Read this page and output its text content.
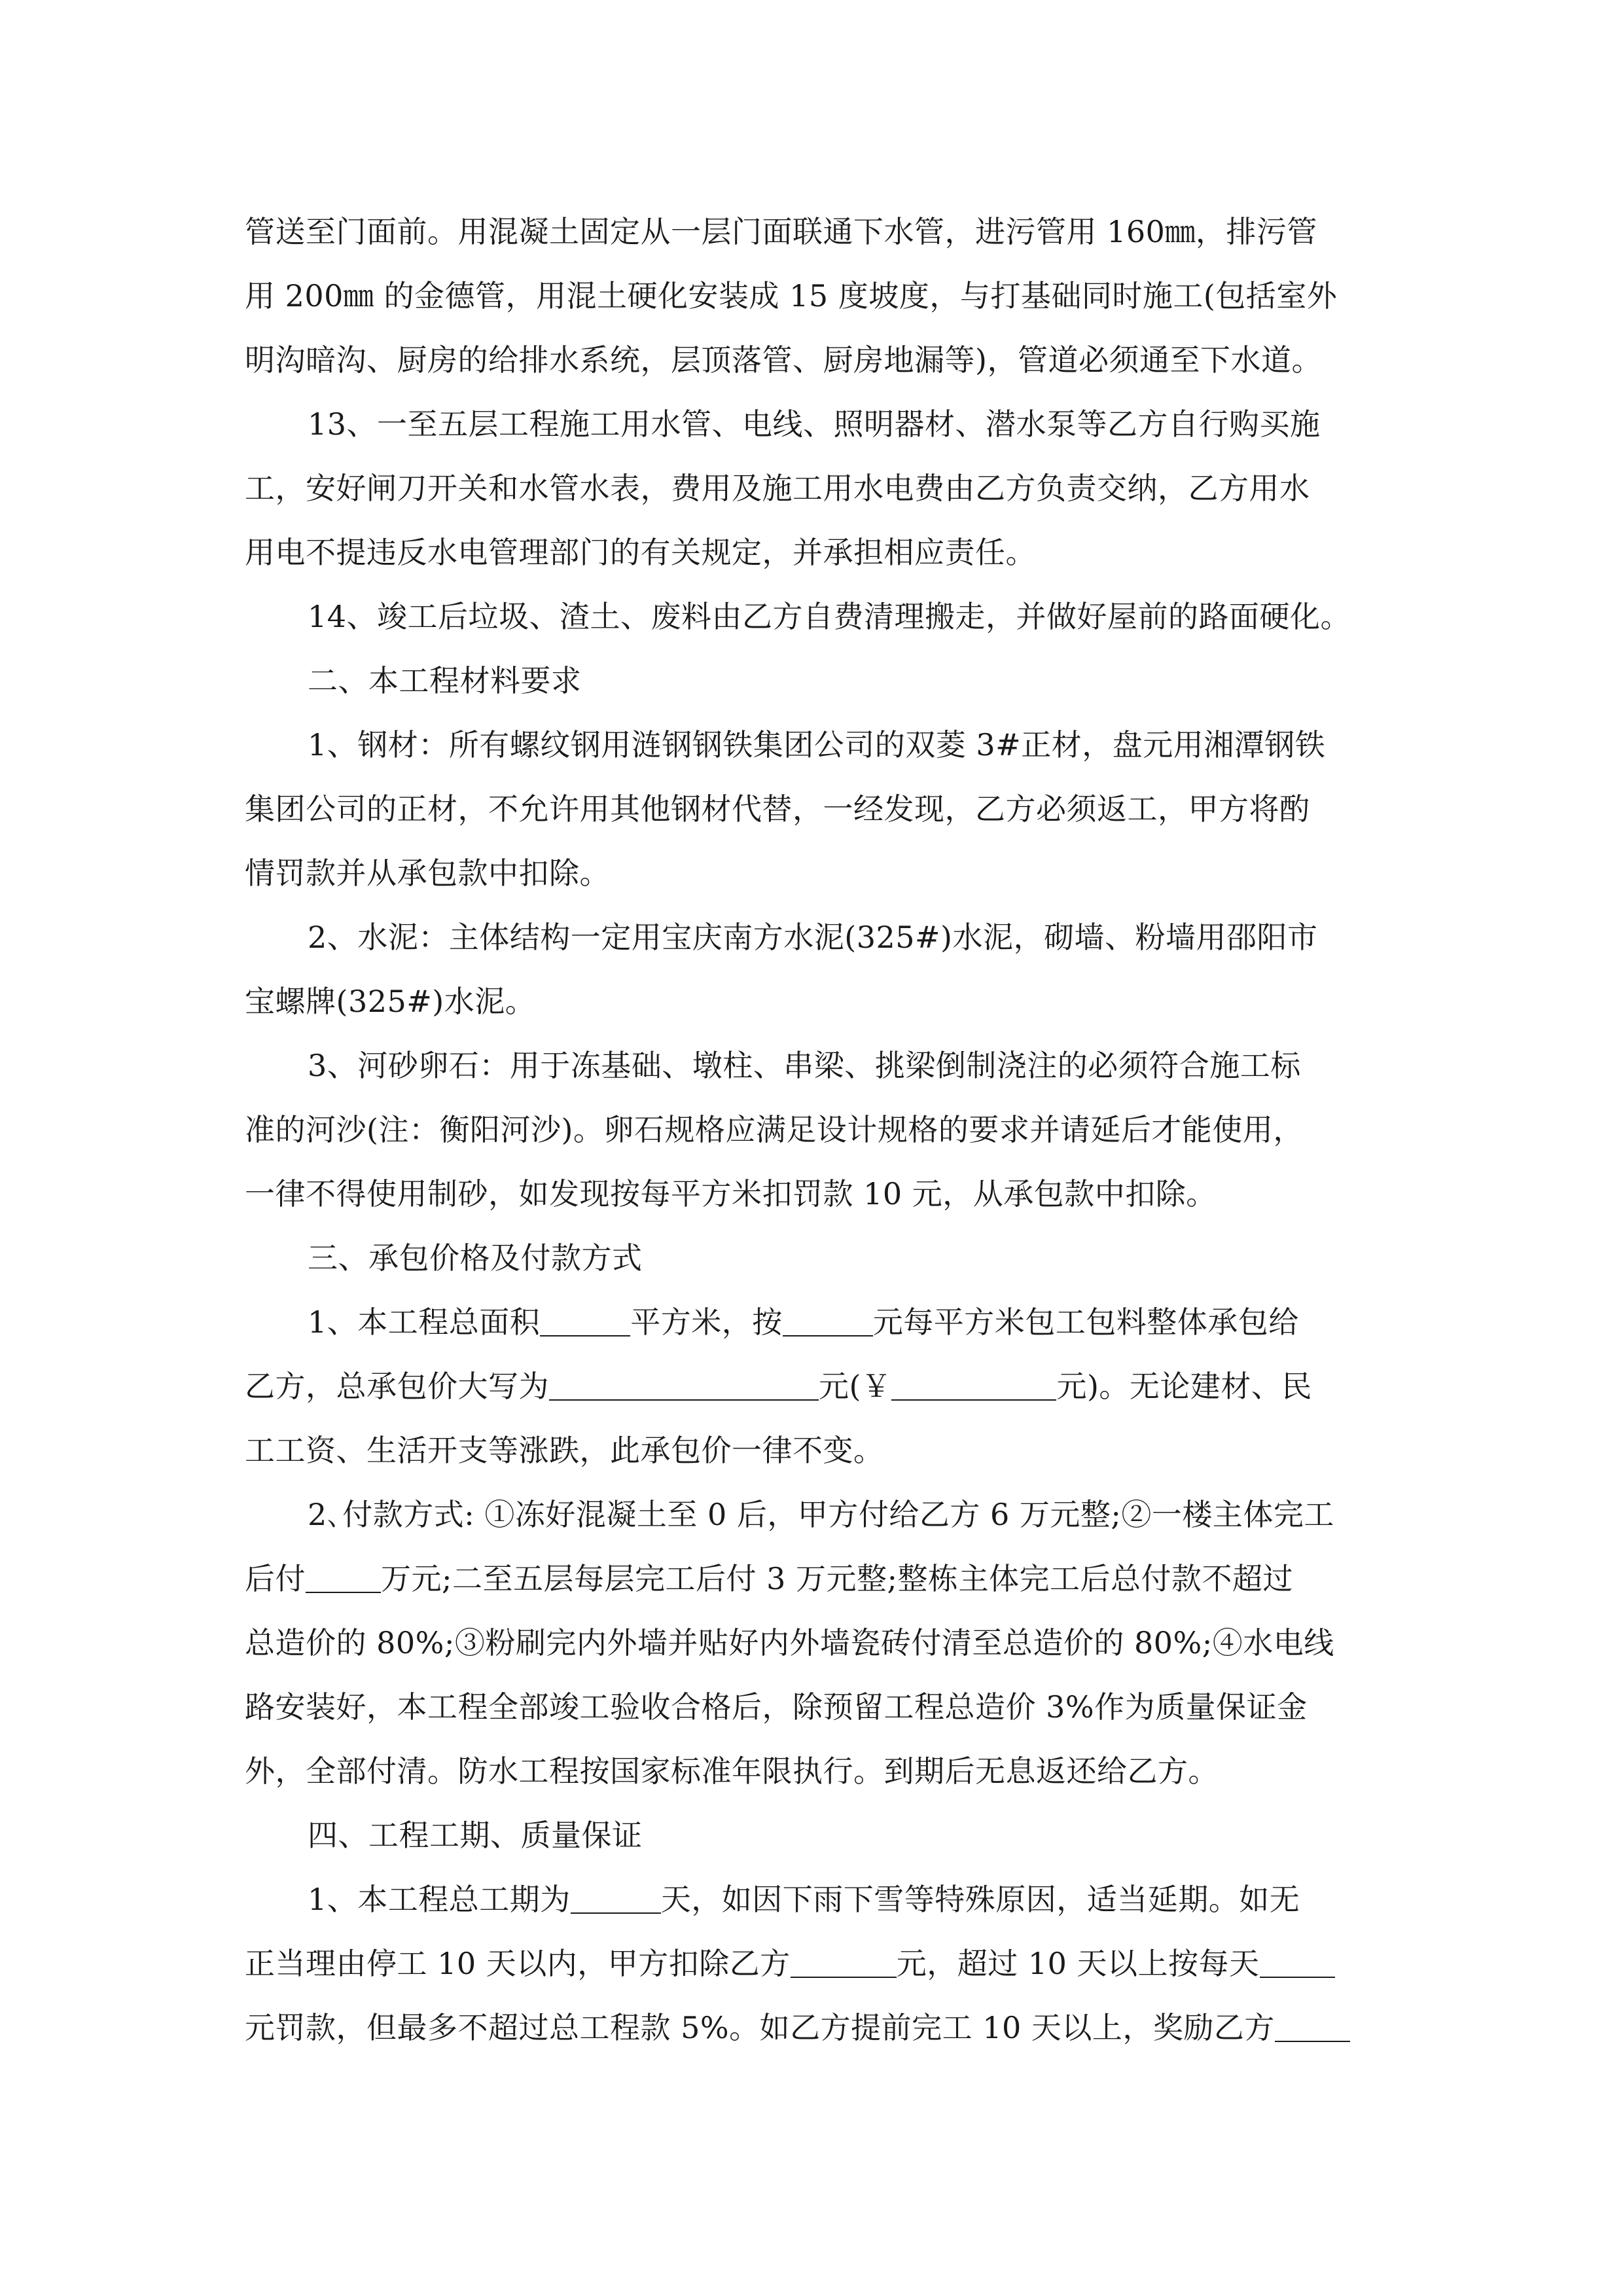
管送至门面前。用混凝土固定从一层门面联通下水管，进污管用 160㎜，排污管
用 200㎜ 的金德管，用混土硬化安装成 15 度坡度，与打基础同时施工(包括室外
明沟暗沟、厨房的给排水系统，层顶落管、厨房地漏等)，管道必须通至下水道。
13、一至五层工程施工用水管、电线、照明器材、潜水泵等乙方自行购买施
工，安好闸刀开关和水管水表，费用及施工用水电费由乙方负责交纳，乙方用水
用电不提违反水电管理部门的有关规定，并承担相应责任。
14、竣工后垃圾、渣土、废料由乙方自费清理搬走，并做好屋前的路面硬化。
二、本工程材料要求
1、钢材：所有螺纹钢用涟钢钢铁集团公司的双菱 3#正材，盘元用湘潭钢铁
集团公司的正材，不允许用其他钢材代替，一经发现，乙方必须返工，甲方将酌
情罚款并从承包款中扣除。
2、水泥：主体结构一定用宝庆南方水泥(325#)水泥，砌墙、粉墙用邵阳市
宝螺牌(325#)水泥。
3、河砂卵石：用于冻基础、墩柱、串梁、挑梁倒制浇注的必须符合施工标
准的河沙(注：衡阳河沙)。卵石规格应满足设计规格的要求并请延后才能使用，
一律不得使用制砂，如发现按每平方米扣罚款 10 元，从承包款中扣除。
三、承包价格及付款方式
1、本工程总面积	平方米，按	元每平方米包工包料整体承包给
乙方，总承包价大写为	元(￥	元)。无论建材、民
工工资、生活开支等涨跌，此承包价一律不变。
2､付款方式: ①冻好混凝土至 0 后，甲方付给乙方 6 万元整;②一楼主体完工
后付	万元;二至五层每层完工后付 3 万元整;整栋主体完工后总付款不超过
总造价的 80%;③粉刷完内外墙并贴好内外墙瓷砖付清至总造价的 80%;④水电线
路安装好，本工程全部竣工验收合格后，除预留工程总造价 3%作为质量保证金
外，全部付清。防水工程按国家标准年限执行。到期后无息返还给乙方。
四、工程工期、质量保证
1、本工程总工期为	天，如因下雨下雪等特殊原因，适当延期。如无
正当理由停工 10 天以内，甲方扣除乙方	元，超过 10 天以上按每天
元罚款，但最多不超过总工程款 5%。如乙方提前完工 10 天以上，奖励乙方
